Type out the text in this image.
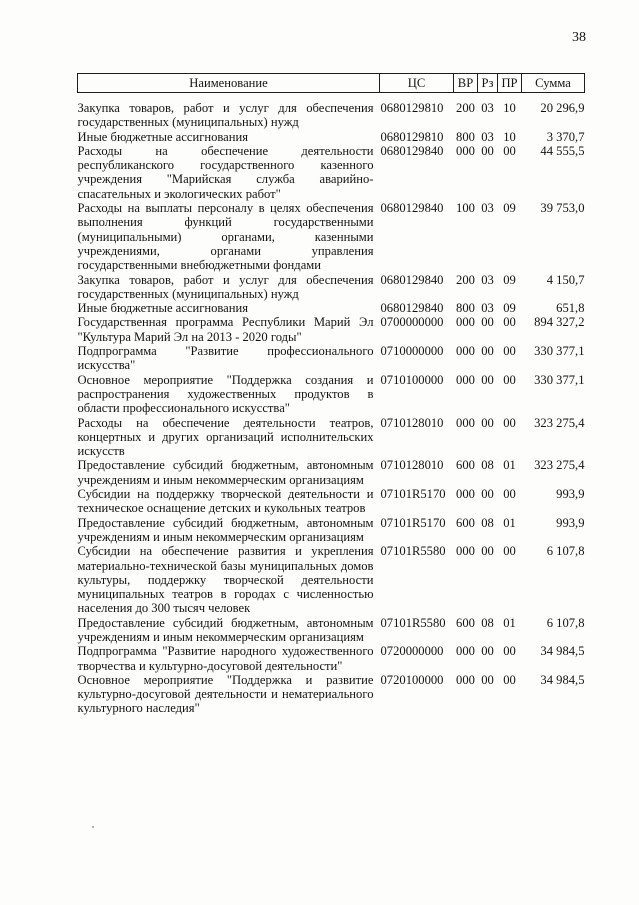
38
Наименование	ЦС	ВР	Рз	ПР	Сумма
Закупка товаров, работ и услуг для обеспечения государственных (муниципальных) нужд	0680129810	200	03	10	20 296,9
Иные бюджетные ассигнования	0680129810	800	03	10	3 370,7
Расходы на обеспечение деятельности республиканского государственного казенного учреждения "Марийская служба аварийно-спасательных и экологических работ"	0680129840	000	00	00	44 555,5
Расходы на выплаты персоналу в целях обеспечения выполнения функций государственными (муниципальными) органами, казенными учреждениями, органами управления государственными внебюджетными фондами	0680129840	100	03	09	39 753,0
Закупка товаров, работ и услуг для обеспечения государственных (муниципальных) нужд	0680129840	200	03	09	4 150,7
Иные бюджетные ассигнования	0680129840	800	03	09	651,8
Государственная программа Республики Марий Эл "Культура Марий Эл на 2013 - 2020 годы"	0700000000	000	00	00	894 327,2
Подпрограмма "Развитие профессионального искусства"	0710000000	000	00	00	330 377,1
Основное мероприятие "Поддержка создания и распространения художественных продуктов в области профессионального искусства"	0710100000	000	00	00	330 377,1
Расходы на обеспечение деятельности театров, концертных и других организаций исполнительских искусств	0710128010	000	00	00	323 275,4
Предоставление субсидий бюджетным, автономным учреждениям и иным некоммерческим организациям	0710128010	600	08	01	323 275,4
Субсидии на поддержку творческой деятельности и техническое оснащение детских и кукольных театров	07101R5170	000	00	00	993,9
Предоставление субсидий бюджетным, автономным учреждениям и иным некоммерческим организациям	07101R5170	600	08	01	993,9
Субсидии на обеспечение развития и укрепления материально-технической базы муниципальных домов культуры, поддержку творческой деятельности муниципальных театров в городах с численностью населения до 300 тысяч человек	07101R5580	000	00	00	6 107,8
Предоставление субсидий бюджетным, автономным учреждениям и иным некоммерческим организациям	07101R5580	600	08	01	6 107,8
Подпрограмма "Развитие народного художественного творчества и культурно-досуговой деятельности"	0720000000	000	00	00	34 984,5
Основное мероприятие "Поддержка и развитие культурно-досуговой деятельности и нематериального культурного наследия"	0720100000	000	00	00	34 984,5
